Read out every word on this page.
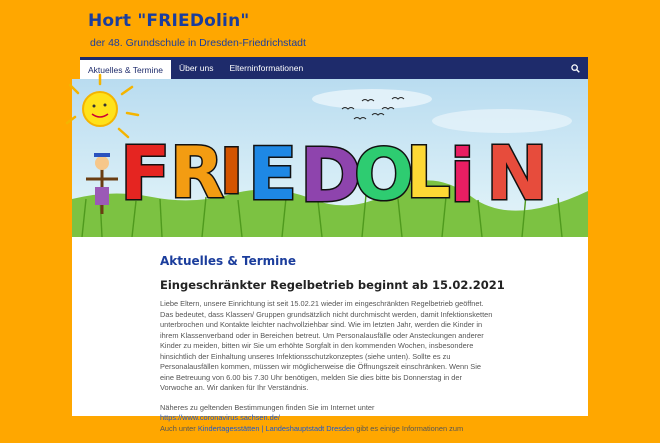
Hort "FRIEDolin"
der 48. Grundschule in Dresden-Friedrichstadt
Aktuelles & Termine	Über uns	Elterninformationen
F R
I E D
O
L i N
Aktuelles & Termine
Eingeschränkter Regelbetrieb beginnt ab 15.02.2021

Liebe Eltern, unsere Einrichtung ist seit 15.02.21 wieder im eingeschränkten Regelbetrieb geöffnet. Das bedeutet, dass Klassen/ Gruppen grundsätzlich nicht durchmischt werden, damit Infektionsketten unterbrochen und Kontakte leichter nachvollziehbar sind. Wie im letzten Jahr, werden die Kinder in ihrem Klassenverband oder in Bereichen betreut. Um Personalausfälle oder Ansteckungen anderer Kinder zu meiden, bitten wir Sie um erhöhte Sorgfalt in den kommenden Wochen, insbesondere hinsichtlich der Einhaltung unseres Infektionsschutzkonzeptes (siehe unten). Sollte es zu Personalausfällen kommen, müssen wir möglicherweise die Öffnungszeit einschränken. Wenn Sie eine Betreuung von 6.00 bis 7.30 Uhr benötigen, melden Sie dies bitte bis Donnerstag in der Vorwoche an. Wir danken für Ihr Verständnis.

Näheres zu geltenden Bestimmungen finden Sie im Internet unter https://www.coronavirus.sachsen.de/
Auch unter Kindertagesstätten | Landeshauptstadt Dresden gibt es einige Informationen zum
